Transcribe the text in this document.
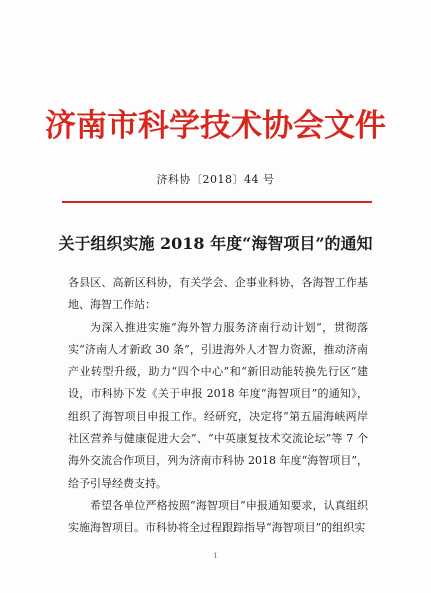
济南市科学技术协会文件
济科协〔2018〕44 号
关于组织实施 2018 年度“海智项目”的通知

各县区、高新区科协，有关学会、企事业科协，各海智工作基地、海智工作站：

为深入推进实施“海外智力服务济南行动计划”，贯彻落实“济南人才新政 30 条”，引进海外人才智力资源，推动济南产业转型升级，助力“四个中心”和“新旧动能转换先行区”建设，市科协下发《关于申报 2018 年度“海智项目”的通知》，组织了海智项目申报工作。经研究，决定将“第五届海峡两岸社区营养与健康促进大会”、“中英康复技术交流论坛”等 7 个海外交流合作项目，列为济南市科协 2018 年度“海智项目”，给予引导经费支持。

希望各单位严格按照“海智项目”申报通知要求，认真组织实施海智项目。市科协将全过程跟踪指导“海智项目”的组织实

1
